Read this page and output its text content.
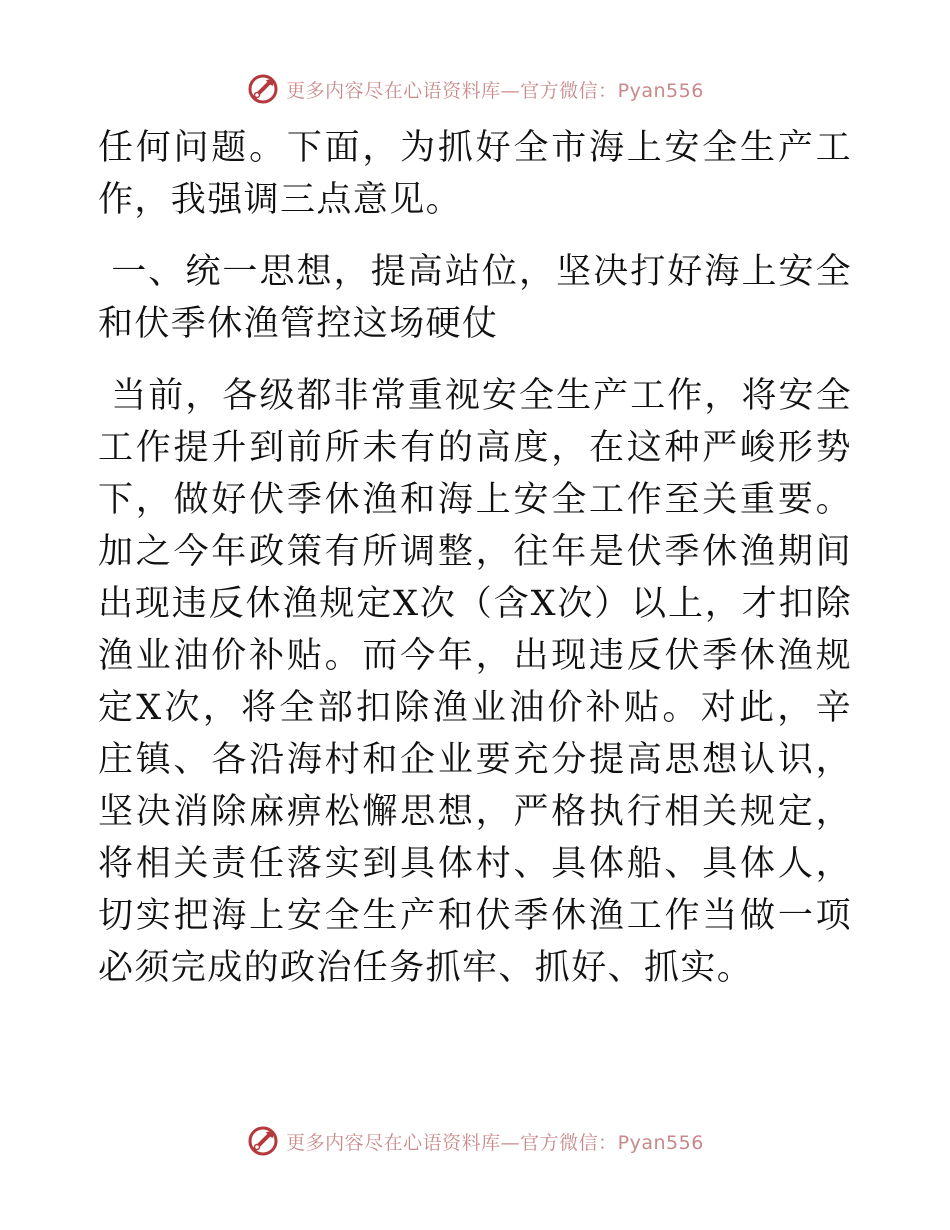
更多内容尽在心语资料库—官方微信：Pyan556

任何问题。下面，为抓好全市海上安全生产工作，我强调三点意见。

一、统一思想，提高站位，坚决打好海上安全和伏季休渔管控这场硬仗

当前，各级都非常重视安全生产工作，将安全工作提升到前所未有的高度，在这种严峻形势下，做好伏季休渔和海上安全工作至关重要。加之今年政策有所调整，往年是伏季休渔期间出现违反休渔规定X次（含X次）以上，才扣除渔业油价补贴。而今年，出现违反伏季休渔规定X次，将全部扣除渔业油价补贴。对此，辛庄镇、各沿海村和企业要充分提高思想认识，坚决消除麻痹松懈思想，严格执行相关规定，将相关责任落实到具体村、具体船、具体人，切实把海上安全生产和伏季休渔工作当做一项必须完成的政治任务抓牢、抓好、抓实。

更多内容尽在心语资料库—官方微信：Pyan556
